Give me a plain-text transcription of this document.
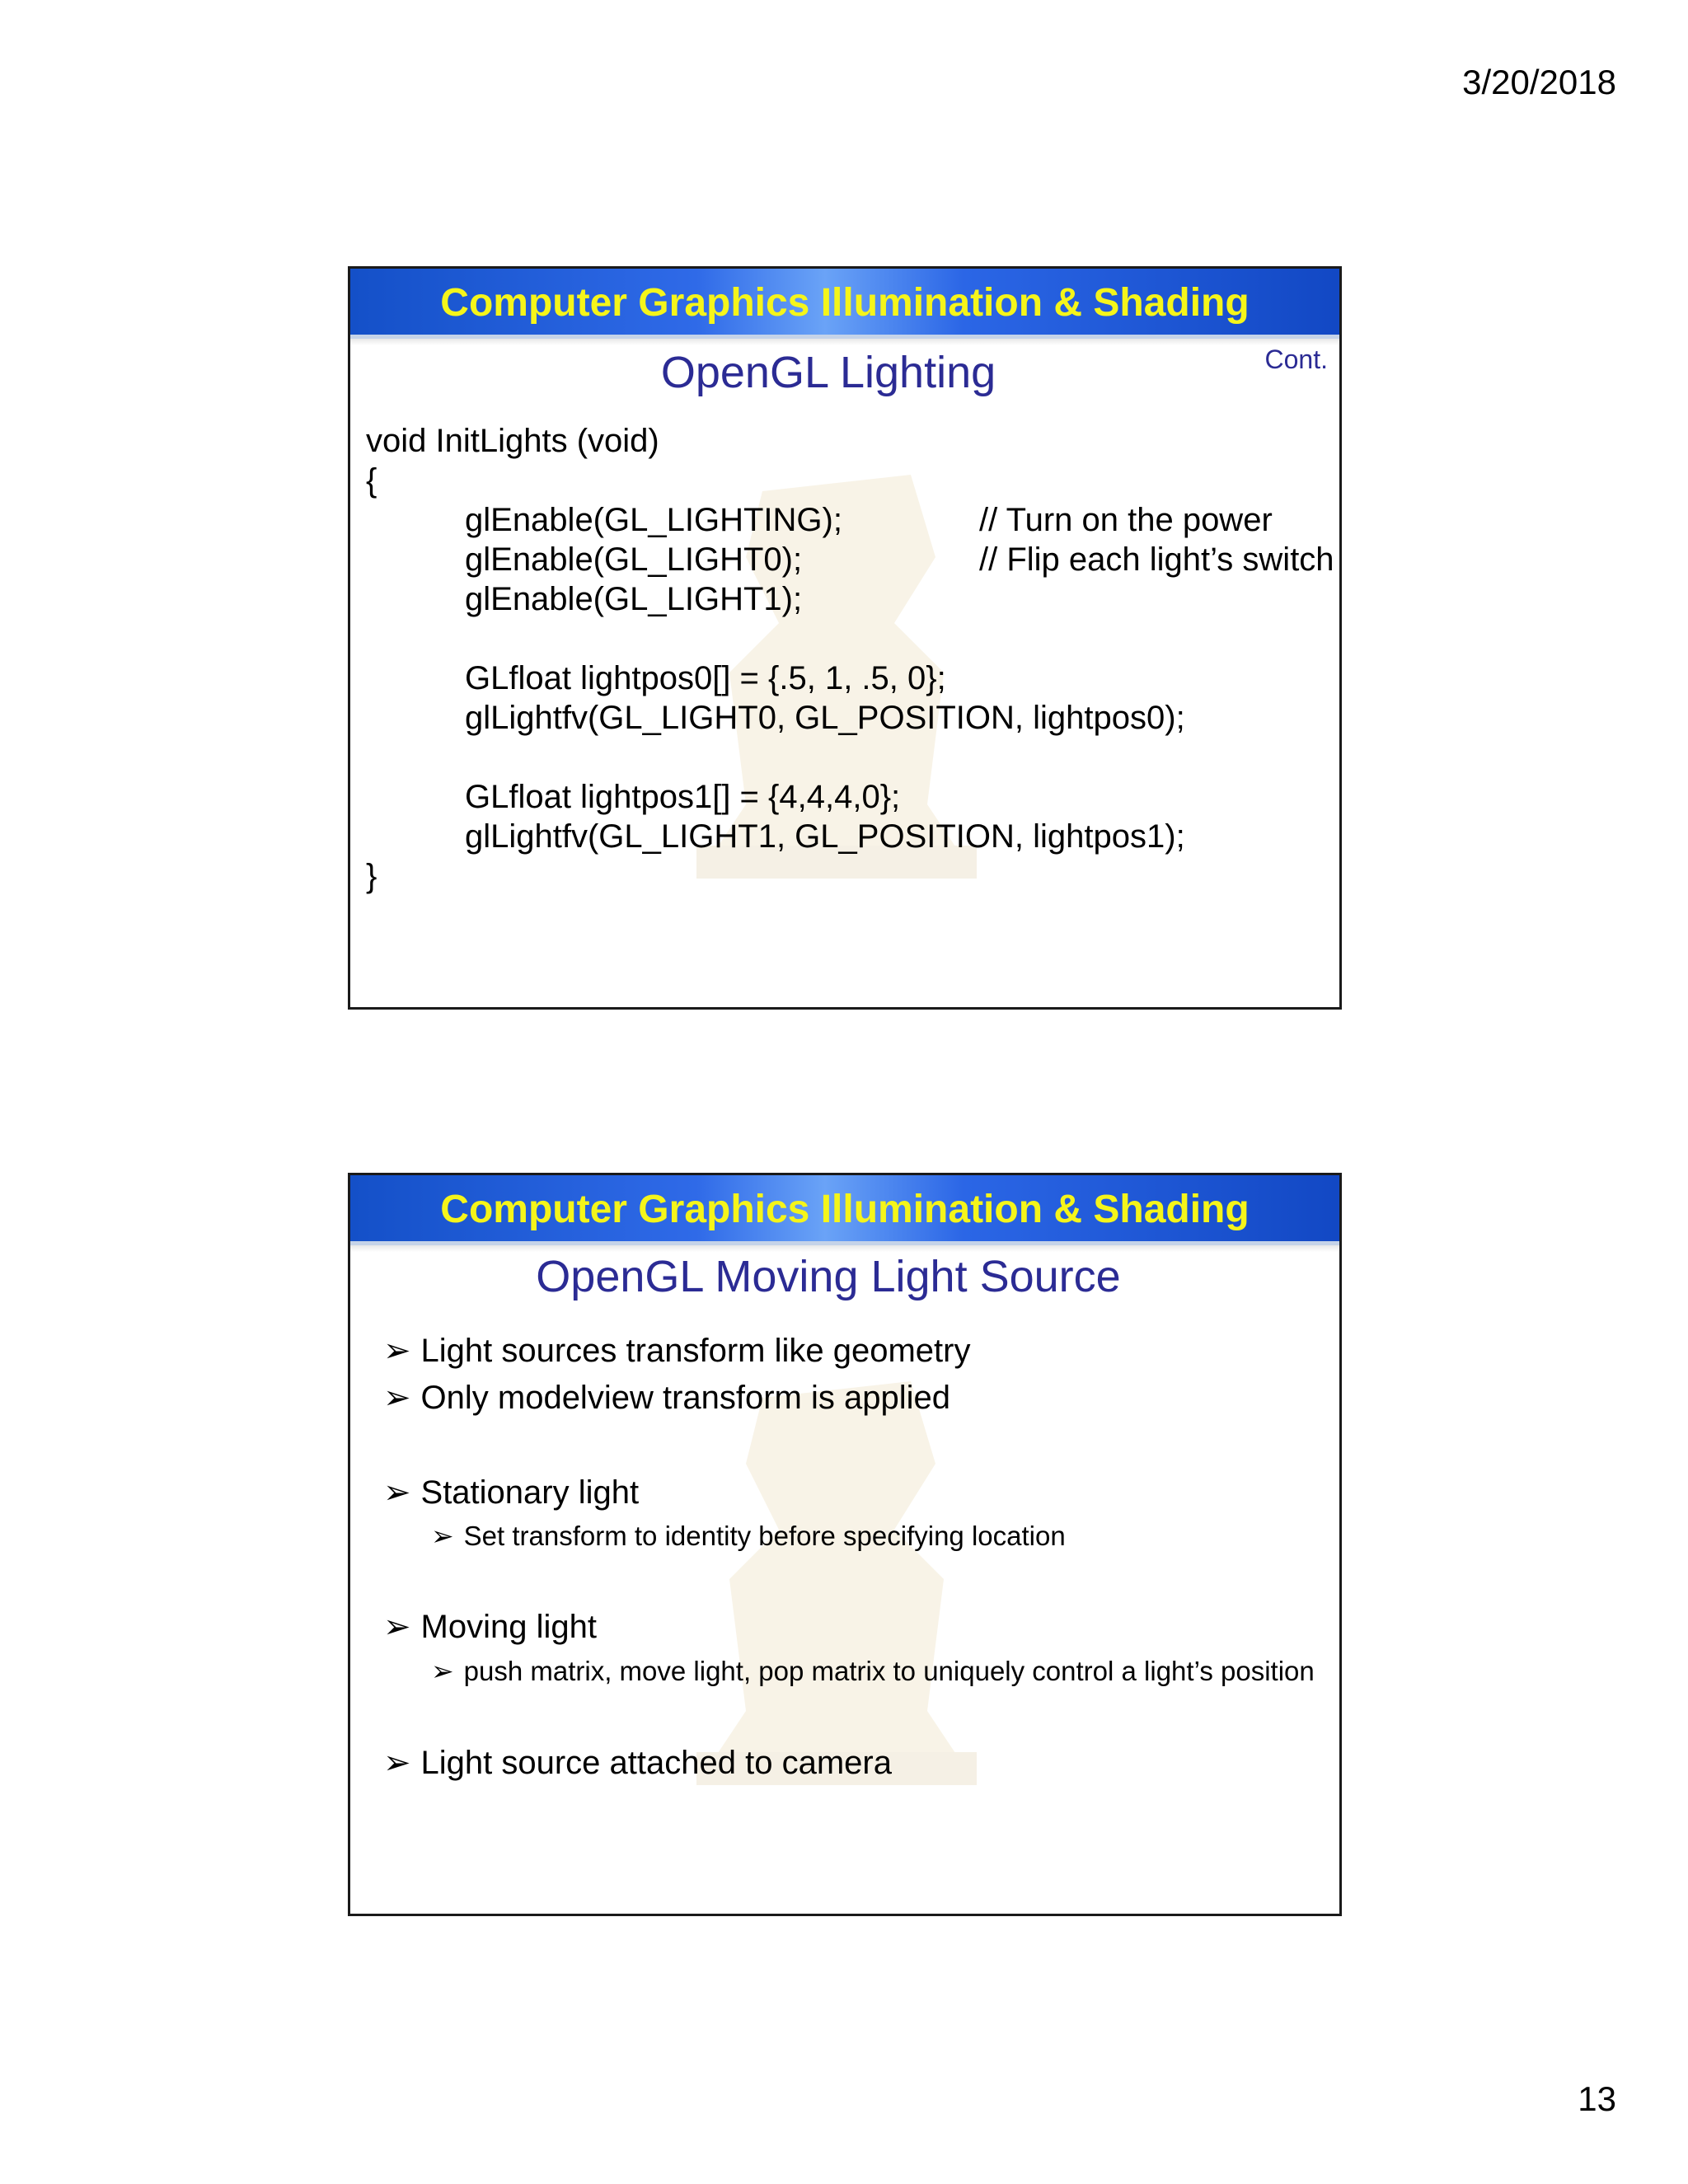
3/20/2018
Computer Graphics Illumination & Shading
OpenGL Lighting	Cont.
void InitLights (void)
{
glEnable(GL_LIGHTING);	// Turn on the power
glEnable(GL_LIGHT0);	// Flip each light’s switch
glEnable(GL_LIGHT1);
GLfloat lightpos0[] = {.5, 1, .5, 0};
glLightfv(GL_LIGHT0, GL_POSITION, lightpos0);
GLfloat lightpos1[] = {4,4,4,0};
glLightfv(GL_LIGHT1, GL_POSITION, lightpos1);
}
Computer Graphics Illumination & Shading
OpenGL Moving Light Source
➢ Light sources transform like geometry
➢ Only modelview transform is applied
➢ Stationary light
➢ Set transform to identity before specifying location
➢ Moving light
➢ push matrix, move light, pop matrix to uniquely control a light’s position
➢ Light source attached to camera
13
